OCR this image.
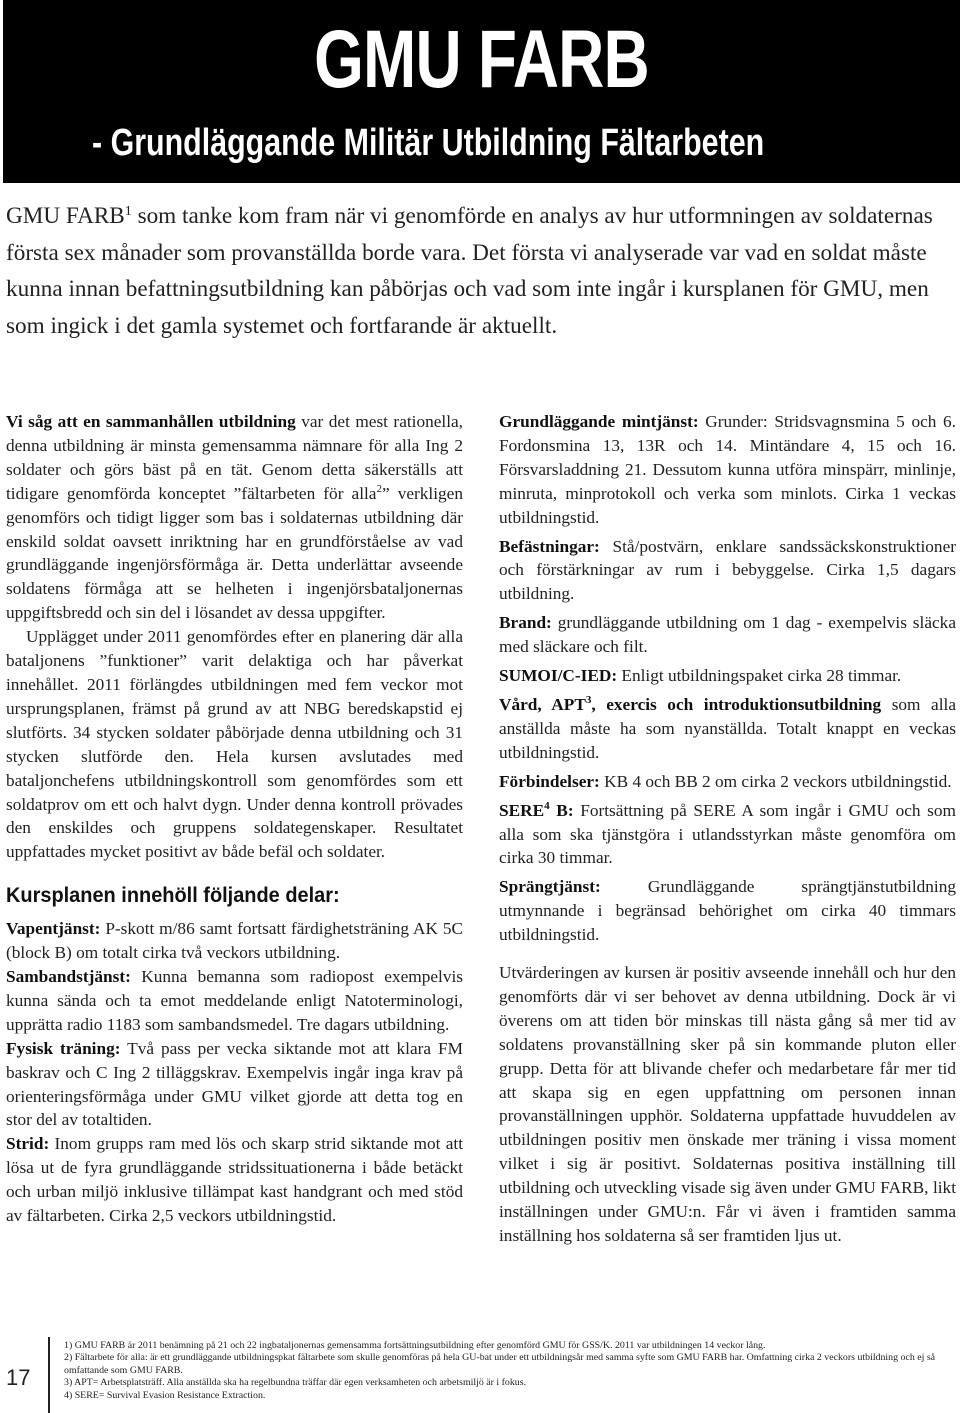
GMU FARB
- Grundläggande Militär Utbildning Fältarbeten
GMU FARB$^1$ som tanke kom fram när vi genomförde en analys av hur utformningen av soldaternas första sex månader som provanställda borde vara. Det första vi analyserade var vad en soldat måste kunna innan befattningsutbildning kan påbörjas och vad som inte ingår i kursplanen för GMU, men som ingick i det gamla systemet och fortfarande är aktuellt.

Vi såg att en sammanhållen utbildning var det mest rationella, denna utbildning är minsta gemensamma nämnare för alla Ing 2 soldater och görs bäst på en tät. Genom detta säkerställs att tidigare genomförda konceptet ”fältarbeten för alla$^2$” verkligen genomförs och tidigt ligger som bas i soldaternas utbildning där enskild soldat oavsett inriktning har en grundförståelse av vad grundläggande ingenjörsförmåga är. Detta underlättar avseende soldatens förmåga att se helheten i ingenjörsbataljonernas uppgiftsbredd och sin del i lösandet av dessa uppgifter.

Upplägget under 2011 genomfördes efter en planering där alla bataljonens ”funktioner” varit delaktiga och har påverkat innehållet. 2011 förlängdes utbildningen med fem veckor mot ursprungsplanen, främst på grund av att NBG beredskapstid ej slutförts. 34 stycken soldater påbörjade denna utbildning och 31 stycken slutförde den. Hela kursen avslutades med bataljonchefens utbildningskontroll som genomfördes som ett soldatprov om ett och halvt dygn. Under denna kontroll prövades den enskildes och gruppens soldategenskaper. Resultatet uppfattades mycket positivt av både befäl och soldater.

Kursplanen innehöll följande delar:

Vapentjänst: P-skott m/86 samt fortsatt färdighetsträning AK 5C (block B) om totalt cirka två veckors utbildning.

Sambandstjänst: Kunna bemanna som radiopost exempelvis kunna sända och ta emot meddelande enligt Natoterminologi, upprätta radio 1183 som sambandsmedel. Tre dagars utbildning.

Fysisk träning: Två pass per vecka siktande mot att klara FM baskrav och C Ing 2 tilläggskrav. Exempelvis ingår inga krav på orienteringsförmåga under GMU vilket gjorde att detta tog en stor del av totaltiden.

Strid: Inom grupps ram med lös och skarp strid siktande mot att lösa ut de fyra grundläggande stridssituationerna i både betäckt och urban miljö inklusive tillämpat kast handgrant och med stöd av fältarbeten. Cirka 2,5 veckors utbildningstid.

Grundläggande mintjänst: Grunder: Stridsvagnsmina 5 och 6. Fordonsmina 13, 13R och 14. Mintändare 4, 15 och 16. Försvarsladdning 21. Dessutom kunna utföra minspärr, minlinje, minruta, minprotokoll och verka som minlots. Cirka 1 veckas utbildningstid.

Befästningar: Stå/postvärn, enklare sandssäckskonstruktioner och förstärkningar av rum i bebyggelse. Cirka 1,5 dagars utbildning.

Brand: grundläggande utbildning om 1 dag - exempelvis släcka med släckare och filt.

SUMOI/C-IED: Enligt utbildningspaket cirka 28 timmar.

Vård, APT$^3$, exercis och introduktionsutbildning som alla anställda måste ha som nyanställda. Totalt knappt en veckas utbildningstid.

Förbindelser: KB 4 och BB 2 om cirka 2 veckors utbildningstid.

SERE$^4$ B: Fortsättning på SERE A som ingår i GMU och som alla som ska tjänstgöra i utlandsstyrkan måste genomföra om cirka 30 timmar.

Sprängtjänst: Grundläggande sprängtjänstutbildning utmynnande i begränsad behörighet om cirka 40 timmars utbildningstid.

Utvärderingen av kursen är positiv avseende innehåll och hur den genomförts där vi ser behovet av denna utbildning. Dock är vi överens om att tiden bör minskas till nästa gång så mer tid av soldatens provanställning sker på sin kommande pluton eller grupp. Detta för att blivande chefer och medarbetare får mer tid att skapa sig en egen uppfattning om personen innan provanställningen upphör. Soldaterna uppfattade huvuddelen av utbildningen positiv men önskade mer träning i vissa moment vilket i sig är positivt. Soldaternas positiva inställning till utbildning och utveckling visade sig även under GMU FARB, likt inställningen under GMU:n. Får vi även i framtiden samma inställning hos soldaterna så ser framtiden ljus ut.

17
1) GMU FARB är 2011 benämning på 21 och 22 ingbataljonernas gemensamma fortsättningsutbildning efter genomförd GMU för GSS/K. 2011 var utbildningen 14 veckor lång.
2) Fältarbete för alla: är ett grundläggande utbildningspkat fältarbete som skulle genomföras på hela GU-bat under ett utbildningsår med samma syfte som GMU FARB har. Omfattning cirka 2 veckors utbildning och ej så omfattande som GMU FARB.
3) APT= Arbetsplatsträff. Alla anställda ska ha regelbundna träffar där egen verksamheten och arbetsmiljö är i fokus.
4) SERE= Survival Evasion Resistance Extraction.
